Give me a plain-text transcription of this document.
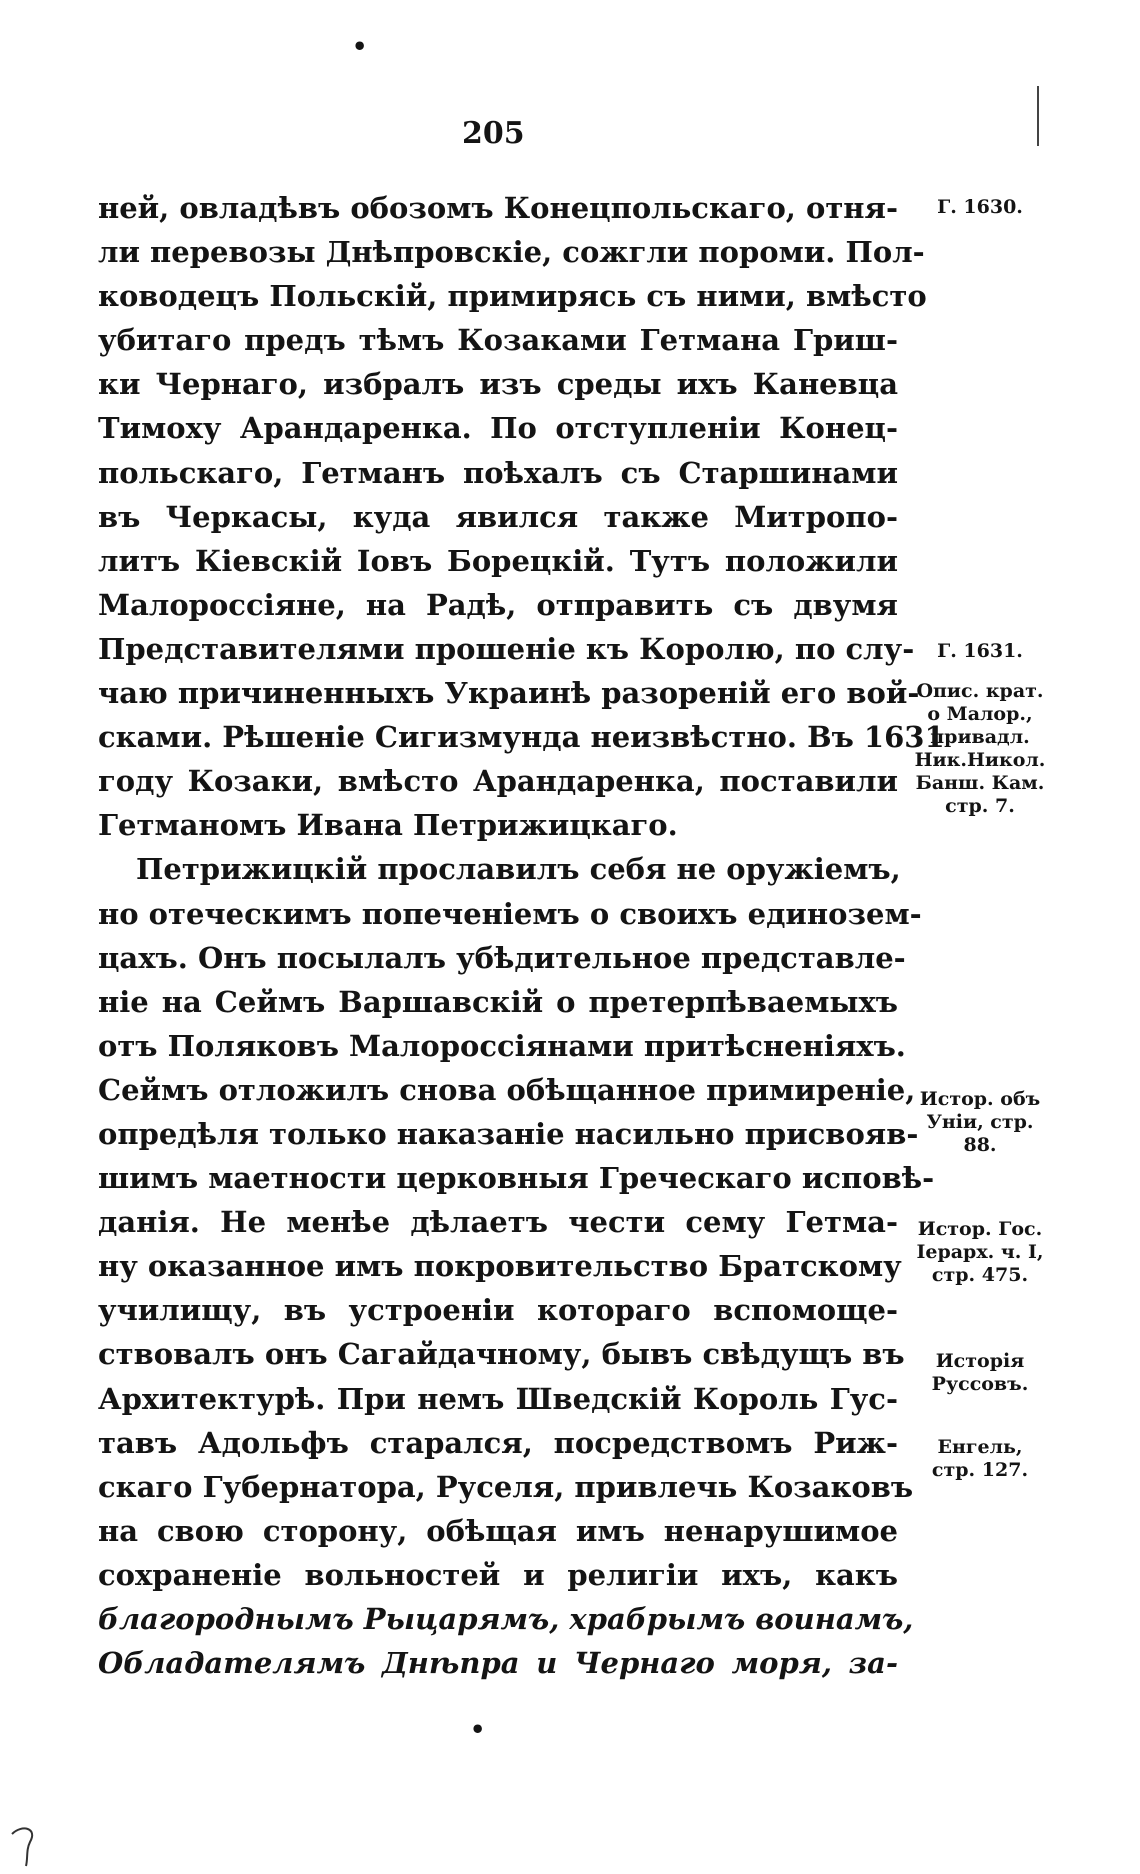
205
•
ней, овладѣвъ обозомъ Конецпольскаго, отня-
ли перевозы Днѣпровскіе, сожгли пороми. Пол-
ководецъ Польскій, примирясь съ ними, вмѣсто
убитаго предъ тѣмъ Козаками Гетмана Гриш-
ки Чернаго, избралъ изъ среды ихъ Каневца
Тимоху Арандаренка. По отступленіи Конец-
польскаго, Гетманъ поѣхалъ съ Старшинами
въ Черкасы, куда явился также Митропо-
литъ Кіевскій Іовъ Борецкій. Тутъ положили
Малороссіяне, на Радѣ, отправить съ двумя
Представителями прошеніе къ Королю, по слу-
чаю причиненныхъ Украинѣ разореній его вой-
сками. Рѣшеніе Сигизмунда неизвѣстно. Въ 1631
году Козаки, вмѣсто Арандаренка, поставили
Гетманомъ Ивана Петрижицкаго.
Петрижицкій прославилъ себя не оружіемъ,
но отеческимъ попеченіемъ о своихъ единозем-
цахъ. Онъ посылалъ убѣдительное представле-
ніе на Сеймъ Варшавскій о претерпѣваемыхъ
отъ Поляковъ Малороссіянами притѣсненіяхъ.
Сеймъ отложилъ снова обѣщанное примиреніе,
опредѣля только наказаніе насильно присвояв-
шимъ маетности церковныя Греческаго исповѣ-
данія. Не менѣе дѣлаетъ чести сему Гетма-
ну оказанное имъ покровительство Братскому
училищу, въ устроеніи котораго вспомоще-
ствовалъ онъ Сагайдачному, бывъ свѣдущъ въ
Архитектурѣ. При немъ Шведскій Король Гус-
тавъ Адольфъ старался, посредствомъ Риж-
скаго Губернатора, Руселя, привлечь Козаковъ
на свою сторону, обѣщая имъ ненарушимое
сохраненіе вольностей и религіи ихъ, какъ
благороднымъ Рыцарямъ, храбрымъ воинамъ,
Обладателямъ Днѣпра и Чернаго моря, за-
Г. 1630.
Г. 1631.
Опис. крат.
о Малор.,
привадл.
Ник.Никол.
Банш. Кам.
стр. 7.
Истор. объ
Уніи, стр.
88.
Истор. Гос.
Іерарх. ч. I,
стр. 475.
Исторія
Руссовъ.
Енгель,
стр. 127.
•
